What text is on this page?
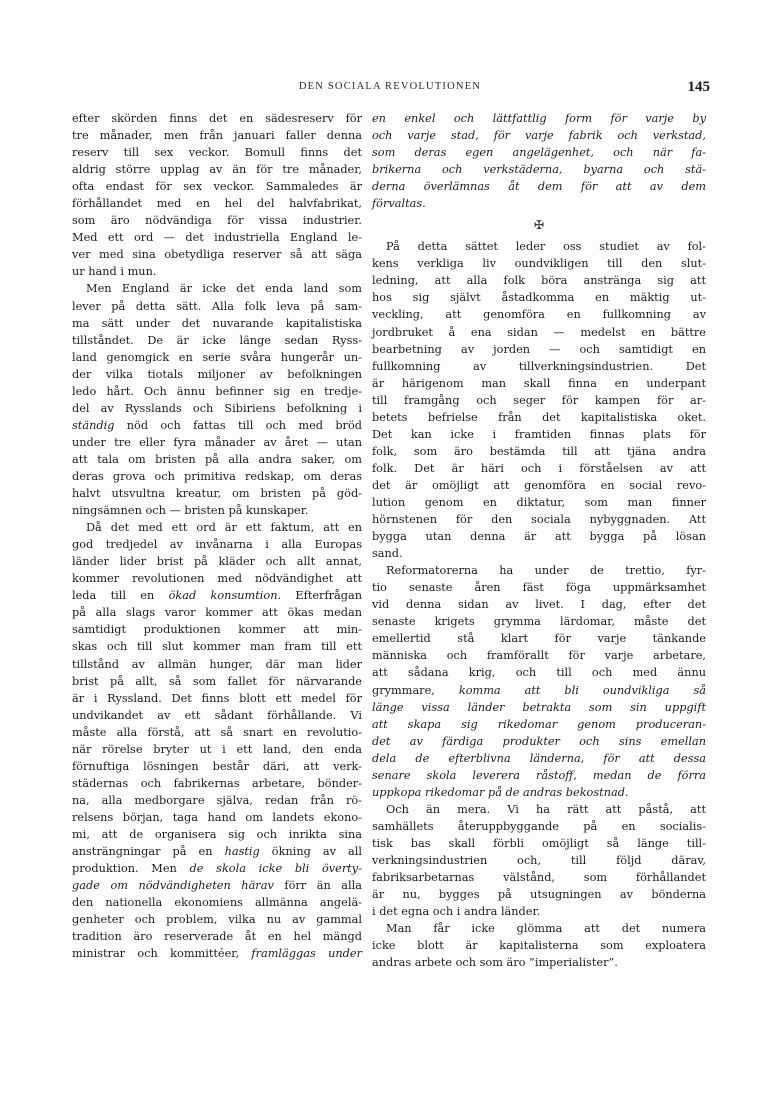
DEN SOCIALA REVOLUTIONEN	145
efter skörden finns det en sädesreserv för
tre månader, men från januari faller denna
reserv till sex veckor. Bomull finns det
aldrig större upplag av än för tre månader,
ofta endast för sex veckor. Sammaledes är
förhållandet med en hel del halvfabrikat,
som äro nödvändiga för vissa industrier.
Med ett ord — det industriella England le-
ver med sina obetydliga reserver så att säga
ur hand i mun.
Men England är icke det enda land som
lever på detta sätt. Alla folk leva på sam-
ma sätt under det nuvarande kapitalistiska
tillståndet. De är icke länge sedan Ryss-
land genomgick en serie svåra hungerår un-
der vilka tiotals miljoner av befolkningen
ledo hårt. Och ännu befinner sig en tredje-
del av Rysslands och Sibiriens befolkning i
ständig nöd och fattas till och med bröd
under tre eller fyra månader av året — utan
att tala om bristen på alla andra saker, om
deras grova och primitiva redskap, om deras
halvt utsvultna kreatur, om bristen på göd-
ningsämnen och — bristen på kunskaper.
Då det med ett ord är ett faktum, att en
god tredjedel av invånarna i alla Europas
länder lider brist på kläder och allt annat,
kommer revolutionen med nödvändighet att
leda till en ökad konsumtion. Efterfrågan
på alla slags varor kommer att ökas medan
samtidigt produktionen kommer att min-
skas och till slut kommer man fram till ett
tillstånd av allmän hunger, där man lider
brist på allt, så som fallet för närvarande
är i Ryssland. Det finns blott ett medel för
undvikandet av ett sådant förhållande. Vi
måste alla förstå, att så snart en revolutio-
när rörelse bryter ut i ett land, den enda
förnuftiga lösningen består däri, att verk-
städernas och fabrikernas arbetare, bönder-
na, alla medborgare själva, redan från rö-
relsens början, taga hand om landets ekono-
mi, att de organisera sig och inrikta sina
ansträngningar på en hastig ökning av all
produktion. Men de skola icke bli överty-
gade om nödvändigheten härav förr än alla
den nationella ekonomiens allmänna angelä-
genheter och problem, vilka nu av gammal
tradition äro reserverade åt en hel mängd
ministrar och kommittéer, framläggas under
en enkel och lättfattlig form för varje by
och varje stad, för varje fabrik och verkstad,
som deras egen angelägenhet, och när fa-
brikerna och verkstäderna, byarna och stä-
derna överlämnas åt dem för att av dem
förvaltas.
✠
På detta sättet leder oss studiet av fol-
kens verkliga liv oundvikligen till den slut-
ledning, att alla folk böra anstränga sig att
hos sig självt åstadkomma en mäktig ut-
veckling, att genomföra en fullkomning av
jordbruket å ena sidan — medelst en bättre
bearbetning av jorden — och samtidigt en
fullkomning av tillverkningsindustrien. Det
är härigenom man skall finna en underpant
till framgång och seger för kampen för ar-
betets befrielse från det kapitalistiska oket.
Det kan icke i framtiden finnas plats för
folk, som äro bestämda till att tjäna andra
folk. Det är häri och i förståelsen av att
det är omöjligt att genomföra en social revo-
lution genom en diktatur, som man finner
hörnstenen för den sociala nybyggnaden. Att
bygga utan denna är att bygga på lösan
sand.
Reformatorerna ha under de trettio, fyr-
tio senaste åren fäst föga uppmärksamhet
vid denna sidan av livet. I dag, efter det
senaste krigets grymma lärdomar, måste det
emellertid stå klart för varje tänkande
människa och framförallt för varje arbetare,
att sådana krig, och till och med ännu
grymmare, komma att bli oundvikliga så
länge vissa länder betrakta som sin uppgift
att skapa sig rikedomar genom produceran-
det av färdiga produkter och sins emellan
dela de efterblivna länderna, för att dessa
senare skola leverera råstoff, medan de förra
uppkopa rikedomar på de andras bekostnad.
Och än mera. Vi ha rätt att påstå, att
samhällets återuppbyggande på en socialis-
tisk bas skall förbli omöjligt så länge till-
verkningsindustrien och, till följd därav,
fabriksarbetarnas välstånd, som förhållandet
är nu, bygges på utsugningen av bönderna
i det egna och i andra länder.
Man får icke glömma att det numera
icke blott är kapitalisterna som exploatera
andras arbete och som äro ”imperialister”.
